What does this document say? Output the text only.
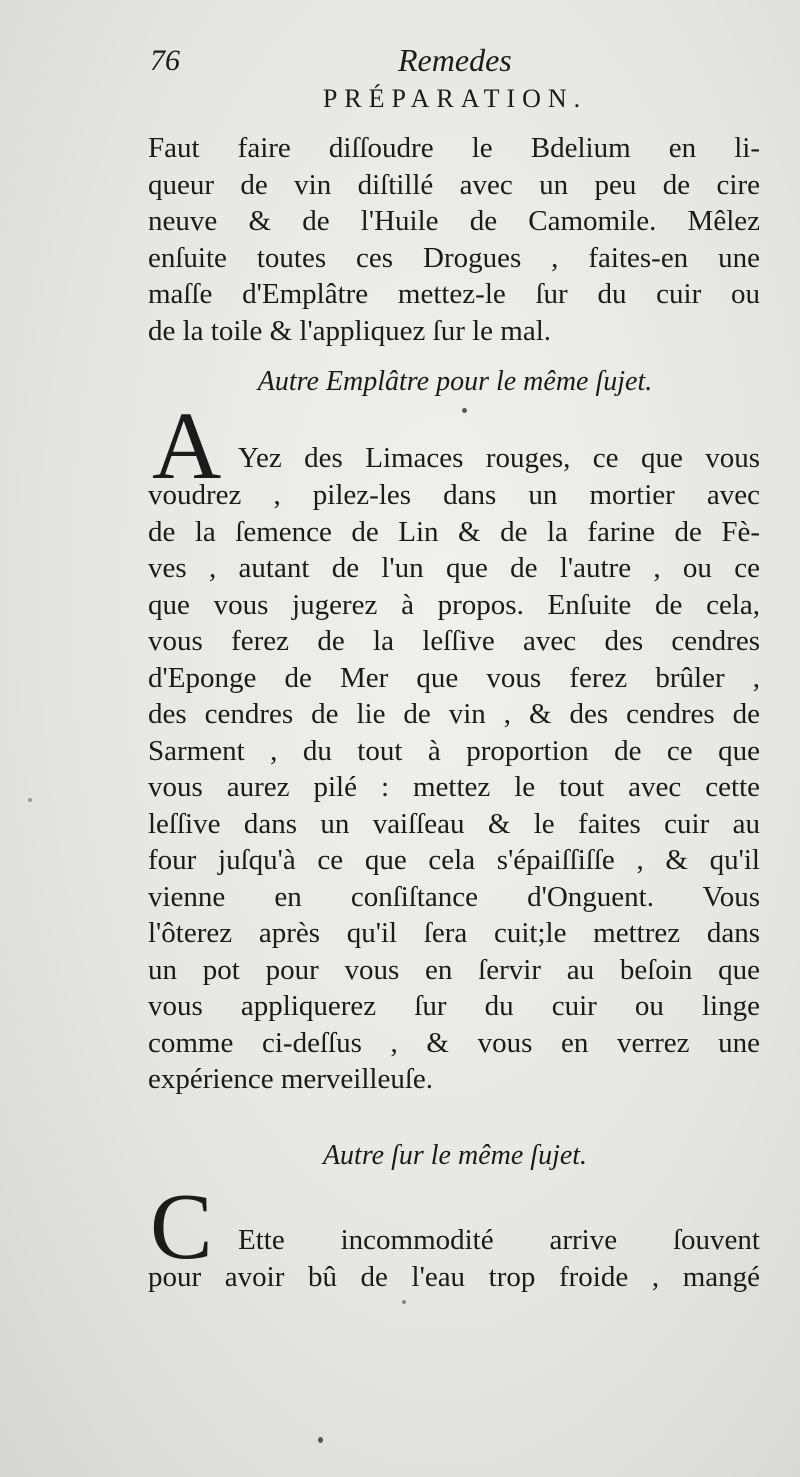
76	Remedes
PRÉPARATION.
Faut faire diſſoudre le Bdelium en li-
queur de vin diſtillé avec un peu de cire
neuve & de l'Huile de Camomile. Mêlez
enſuite toutes ces Drogues , faites-en une
maſſe d'Emplâtre mettez-le ſur du cuir ou
de la toile & l'appliquez ſur le mal.
Autre Emplâtre pour le même ſujet.
A Yez des Limaces rouges, ce que vous
voudrez , pilez-les dans un mortier avec
de la ſemence de Lin & de la farine de Fè-
ves , autant de l'un que de l'autre , ou ce
que vous jugerez à propos. Enſuite de cela,
vous ferez de la leſſive avec des cendres
d'Eponge de Mer que vous ferez brûler ,
des cendres de lie de vin , & des cendres de
Sarment , du tout à proportion de ce que
vous aurez pilé : mettez le tout avec cette
leſſive dans un vaiſſeau & le faites cuir au
four juſqu'à ce que cela s'épaiſſiſſe , & qu'il
vienne en conſiſtance d'Onguent. Vous
l'ôterez après qu'il ſera cuit;le mettrez dans
un pot pour vous en ſervir au beſoin que
vous appliquerez ſur du cuir ou linge
comme ci-deſſus , & vous en verrez une
expérience merveilleuſe.
Autre ſur le même ſujet.
C Ette incommodité arrive ſouvent
pour avoir bû de l'eau trop froide , mangé
